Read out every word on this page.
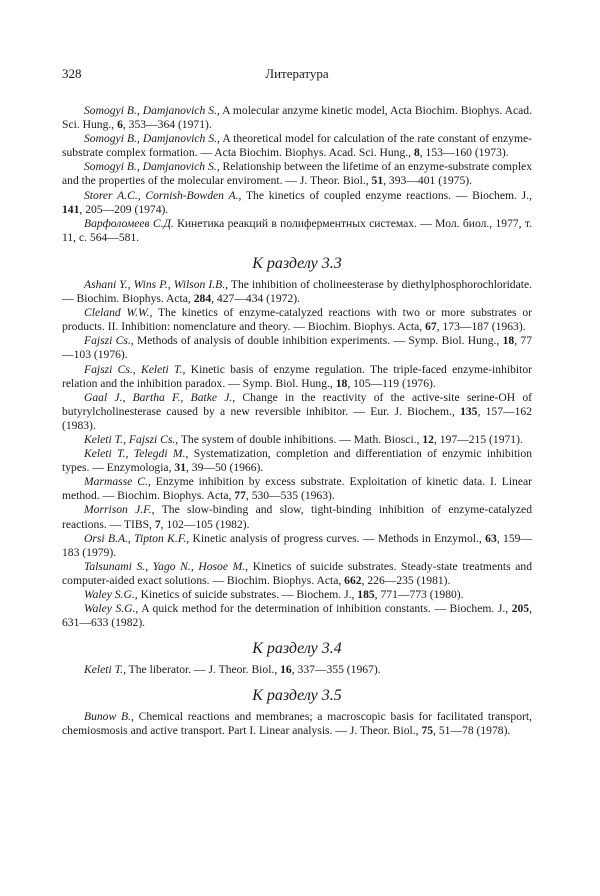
328	Литература

Somogyi B., Damjanovich S., A molecular anzyme kinetic model, Acta Biochim. Biophys. Acad. Sci. Hung., 6, 353—364 (1971).

Somogyi B., Damjanovich S., A theoretical model for calculation of the rate constant of enzyme-substrate complex formation. — Acta Biochim. Biophys. Acad. Sci. Hung., 8, 153—160 (1973).

Somogyi B., Damjanovich S., Relationship between the lifetime of an enzyme-substrate complex and the properties of the molecular enviroment. — J. Theor. Biol., 51, 393—401 (1975).

Storer A.C., Cornish-Bowden A., The kinetics of coupled enzyme reactions. — Biochem. J., 141, 205—209 (1974).

Варфоломеев С.Д. Кинетика реакций в полиферментных системах. — Мол. биол., 1977, т. 11, с. 564—581.

К разделу 3.3

Ashani Y., Wins P., Wilson I.B., The inhibition of cholineesterase by diethylphosphorochloridate. — Biochim. Biophys. Acta, 284, 427—434 (1972).

Cleland W.W., The kinetics of enzyme-catalyzed reactions with two or more substrates or products. II. Inhibition: nomenclature and theory. — Biochim. Biophys. Acta, 67, 173—187 (1963).

Fajszi Cs., Methods of analysis of double inhibition experiments. — Symp. Biol. Hung., 18, 77—103 (1976).

Fajszi Cs., Keleti T., Kinetic basis of enzyme regulation. The triple-faced enzyme-inhibitor relation and the inhibition paradox. — Symp. Biol. Hung., 18, 105—119 (1976).

Gaal J., Bartha F., Batke J., Change in the reactivity of the active-site serine-OH of butyrylcholinesterase caused by a new reversible inhibitor. — Eur. J. Biochem., 135, 157—162 (1983).

Keleti T., Fajszi Cs., The system of double inhibitions. — Math. Biosci., 12, 197—215 (1971).

Keleti T., Telegdi M., Systematization, completion and differentiation of enzymic inhibition types. — Enzymologia, 31, 39—50 (1966).

Marmasse C., Enzyme inhibition by excess substrate. Exploitation of kinetic data. I. Linear method. — Biochim. Biophys. Acta, 77, 530—535 (1963).

Morrison J.F., The slow-binding and slow, tight-binding inhibition of enzyme-catalyzed reactions. — TIBS, 7, 102—105 (1982).

Orsi B.A., Tipton K.F., Kinetic analysis of progress curves. — Methods in Enzymol., 63, 159—183 (1979).

Talsunami S., Yago N., Hosoe M., Kinetics of suicide substrates. Steady-state treatments and computer-aided exact solutions. — Biochim. Biophys. Acta, 662, 226—235 (1981).

Waley S.G., Kinetics of suicide substrates. — Biochem. J., 185, 771—773 (1980).

Waley S.G., A quick method for the determination of inhibition constants. — Biochem. J., 205, 631—633 (1982).

К разделу 3.4

Keleti T., The liberator. — J. Theor. Biol., 16, 337—355 (1967).

К разделу 3.5

Bunow B., Chemical reactions and membranes; a macroscopic basis for facilitated transport, chemiosmosis and active transport. Part I. Linear analysis. — J. Theor. Biol., 75, 51—78 (1978).
